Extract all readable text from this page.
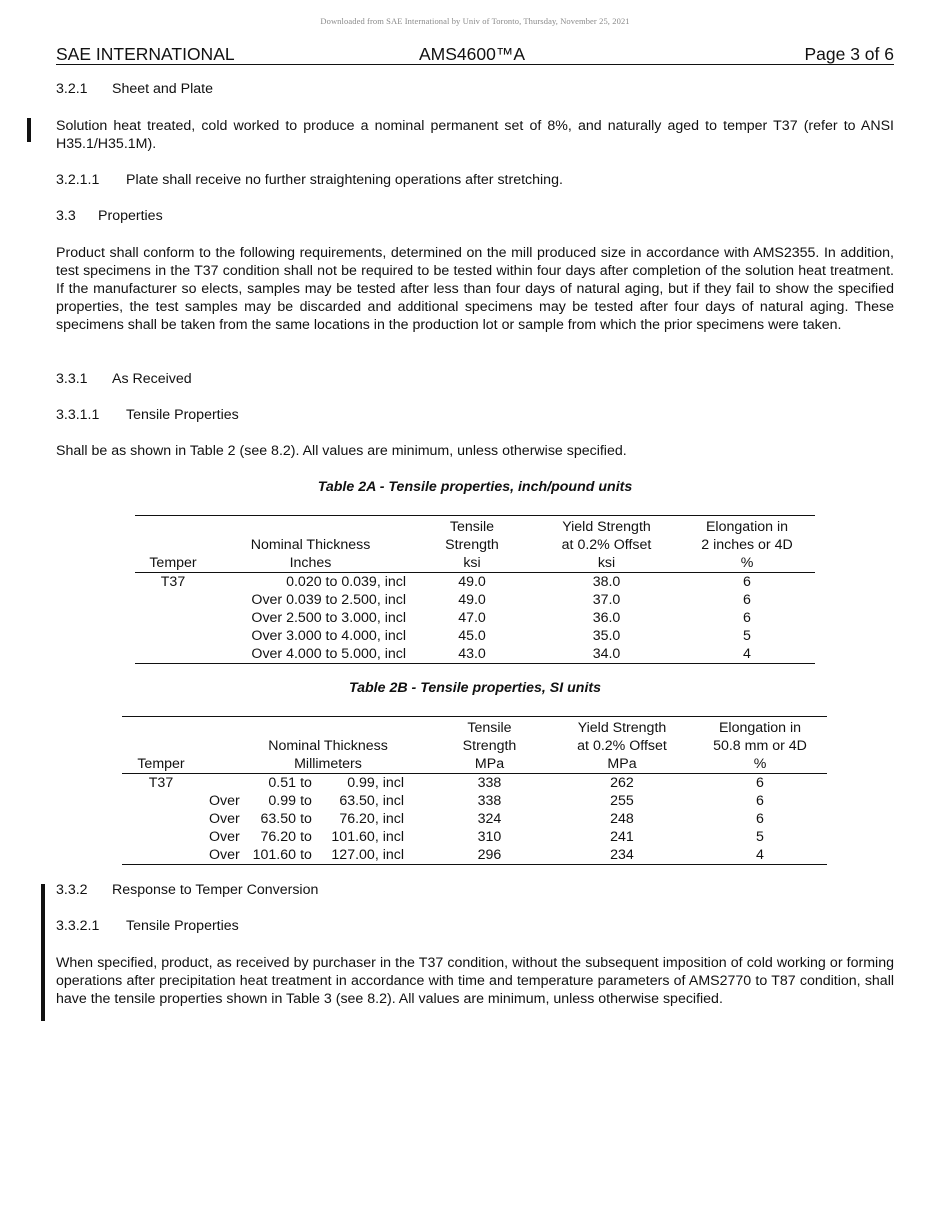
Downloaded from SAE International by Univ of Toronto, Thursday, November 25, 2021
SAE INTERNATIONAL	AMS4600™A	Page 3 of 6
3.2.1 Sheet and Plate
Solution heat treated, cold worked to produce a nominal permanent set of 8%, and naturally aged to temper T37 (refer to ANSI H35.1/H35.1M).
3.2.1.1 Plate shall receive no further straightening operations after stretching.
3.3 Properties
Product shall conform to the following requirements, determined on the mill produced size in accordance with AMS2355. In addition, test specimens in the T37 condition shall not be required to be tested within four days after completion of the solution heat treatment. If the manufacturer so elects, samples may be tested after less than four days of natural aging, but if they fail to show the specified properties, the test samples may be discarded and additional specimens may be tested after four days of natural aging. These specimens shall be taken from the same locations in the production lot or sample from which the prior specimens were taken.
3.3.1 As Received
3.3.1.1 Tensile Properties
Shall be as shown in Table 2 (see 8.2). All values are minimum, unless otherwise specified.
Table 2A - Tensile properties, inch/pound units
		Tensile	Yield Strength	Elongation in
	Nominal Thickness	Strength	at 0.2% Offset	2 inches or 4D
Temper	Inches	ksi	ksi	%
T37	0.020 to 0.039, incl	49.0	38.0	6
	Over 0.039 to 2.500, incl	49.0	37.0	6
	Over 2.500 to 3.000, incl	47.0	36.0	6
	Over 3.000 to 4.000, incl	45.0	35.0	5
	Over 4.000 to 5.000, incl	43.0	34.0	4
Table 2B - Tensile properties, SI units
					Tensile	Yield Strength	Elongation in
	Nominal Thickness				Strength	at 0.2% Offset	50.8 mm or 4D
Temper	Millimeters				MPa	MPa	%
T37		0.51	to	0.99, incl	338	262	6
	Over	0.99	to	63.50, incl	338	255	6
	Over	63.50	to	76.20, incl	324	248	6
	Over	76.20	to	101.60, incl	310	241	5
	Over	101.60	to	127.00, incl	296	234	4
3.3.2 Response to Temper Conversion
3.3.2.1 Tensile Properties
When specified, product, as received by purchaser in the T37 condition, without the subsequent imposition of cold working or forming operations after precipitation heat treatment in accordance with time and temperature parameters of AMS2770 to T87 condition, shall have the tensile properties shown in Table 3 (see 8.2). All values are minimum, unless otherwise specified.
